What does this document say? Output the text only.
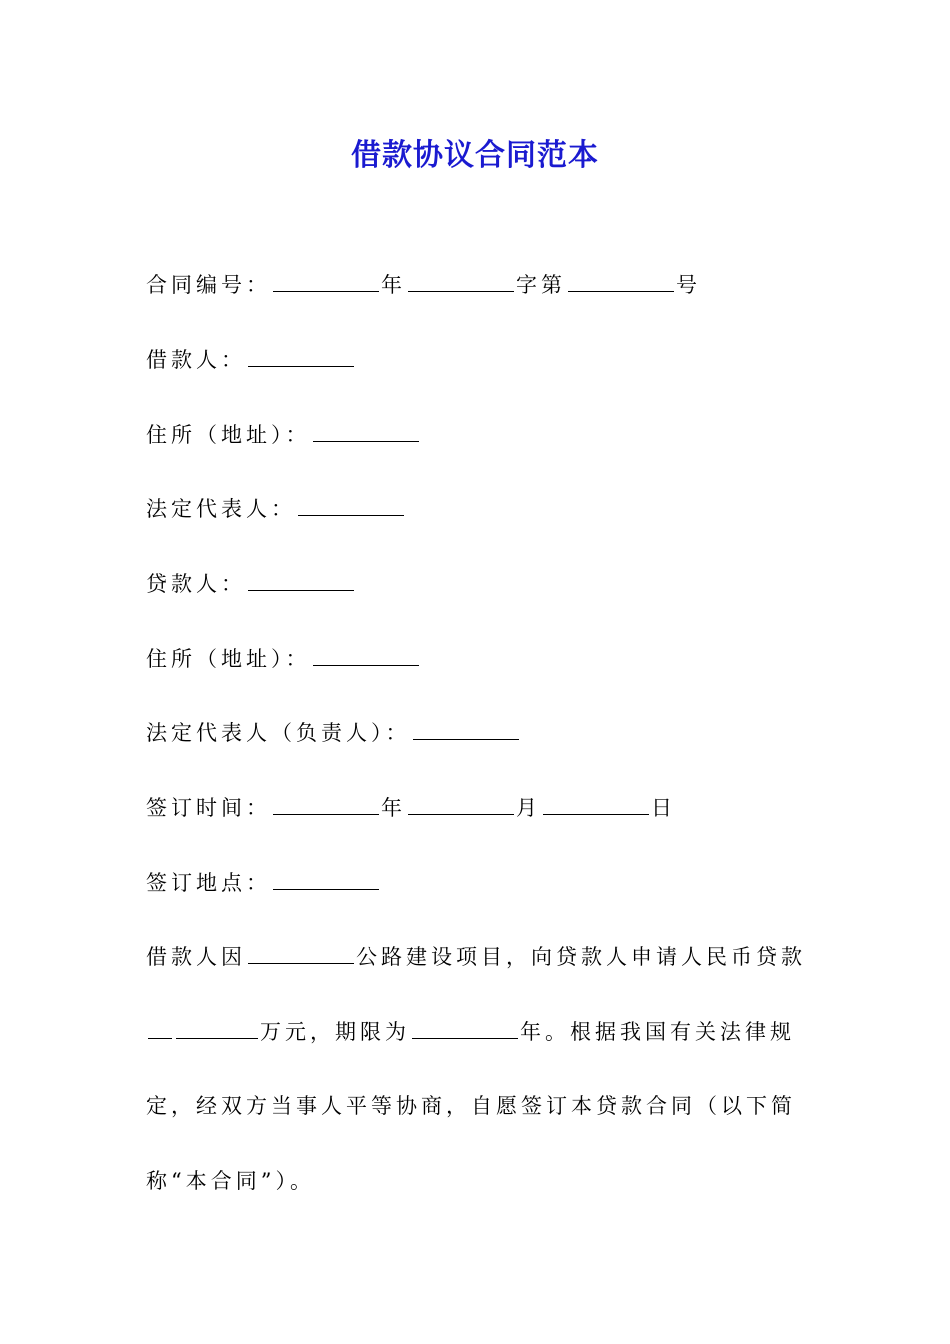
借款协议合同范本
合同编号：	年	字第	号
借款人：
住所（地址）：
法定代表人：
贷款人：
住所（地址）：
法定代表人（负责人）：
签订时间：	年	月	日
签订地点：
借款人因	公路建设项目，向贷款人申请人民币贷款万元，期限为	年。根据我国有关法律规定，经双方当事人平等协商，自愿签订本贷款合同（以下简称“本合同”）。
